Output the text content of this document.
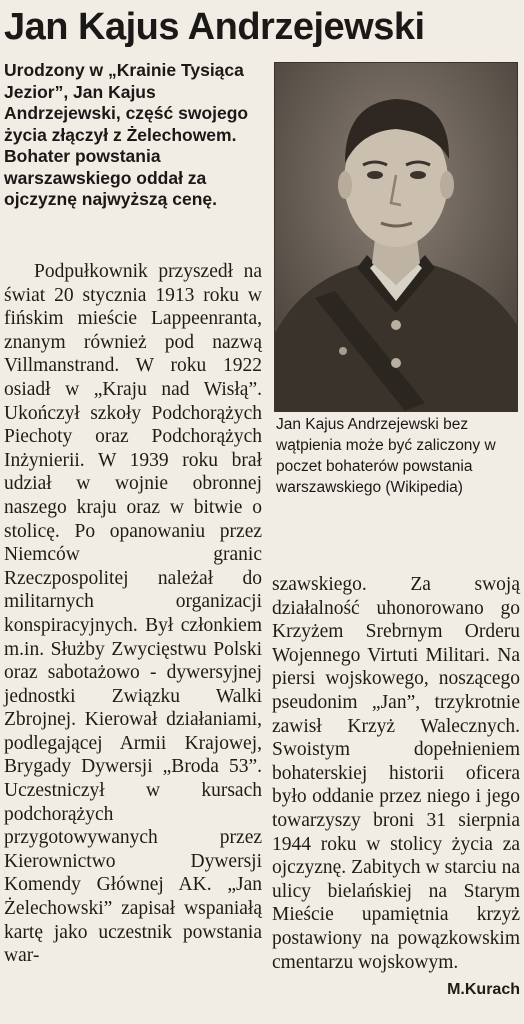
Jan Kajus Andrzejewski

Urodzony w „Krainie Tysiąca Jezior”, Jan Kajus Andrzejewski, część swojego życia złączył z Żelechowem. Bohater powstania warszawskiego oddał za ojczyznę najwyższą cenę.

Jan Kajus Andrzejewski bez wątpienia może być zaliczony w poczet bohaterów powstania warszawskiego (Wikipedia)

Podpułkownik przyszedł na świat 20 stycznia 1913 roku w fińskim mieście Lappeenranta, znanym również pod nazwą Villmanstrand. W roku 1922 osiadł w „Kraju nad Wisłą”. Ukończył szkoły Podchorążych Piechoty oraz Podchorążych Inżynierii. W 1939 roku brał udział w wojnie obronnej naszego kraju oraz w bitwie o stolicę. Po opanowaniu przez Niemców granic Rzeczpospolitej należał do militarnych organizacji konspiracyjnych. Był członkiem m.in. Służby Zwycięstwu Polski oraz sabotażowo - dywersyjnej jednostki Związku Walki Zbrojnej. Kierował działaniami, podlegającej Armii Krajowej, Brygady Dywersji „Broda 53”. Uczestniczył w kursach podchorążych przygotowywanych przez Kierownictwo Dywersji Komendy Głównej AK. „Jan Żelechowski” zapisał wspaniałą kartę jako uczestnik powstania war-

szawskiego. Za swoją działalność uhonorowano go Krzyżem Srebrnym Orderu Wojennego Virtuti Militari. Na piersi wojskowego, noszącego pseudonim „Jan”, trzykrotnie zawisł Krzyż Walecznych. Swoistym dopełnieniem bohaterskiej historii oficera było oddanie przez niego i jego towarzyszy broni 31 sierpnia 1944 roku w stolicy życia za ojczyznę. Zabitych w starciu na ulicy bielańskiej na Starym Mieście upamiętnia krzyż postawiony na powązkowskim cmentarzu wojskowym.

M.Kurach
